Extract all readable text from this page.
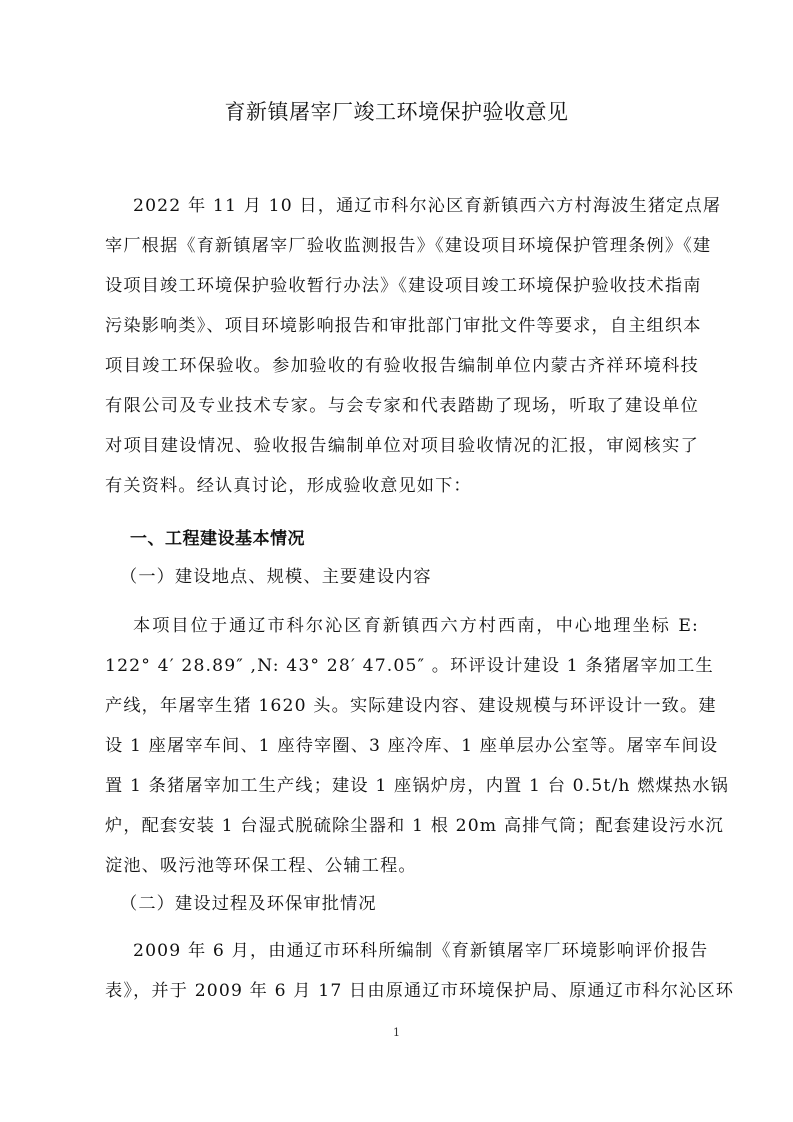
育新镇屠宰厂竣工环境保护验收意见
2022 年 11 月 10 日，通辽市科尔沁区育新镇西六方村海波生猪定点屠
宰厂根据《育新镇屠宰厂验收监测报告》《建设项目环境保护管理条例》《建
设项目竣工环境保护验收暂行办法》《建设项目竣工环境保护验收技术指南
污染影响类》、项目环境影响报告和审批部门审批文件等要求，自主组织本
项目竣工环保验收。参加验收的有验收报告编制单位内蒙古齐祥环境科技
有限公司及专业技术专家。与会专家和代表踏勘了现场，听取了建设单位
对项目建设情况、验收报告编制单位对项目验收情况的汇报，审阅核实了
有关资料。经认真讨论，形成验收意见如下：
一、工程建设基本情况
（一）建设地点、规模、主要建设内容
本项目位于通辽市科尔沁区育新镇西六方村西南，中心地理坐标 E:
122° 4′ 28.89″ ,N: 43° 28′ 47.05″ 。环评设计建设 1 条猪屠宰加工生
产线，年屠宰生猪 1620 头。实际建设内容、建设规模与环评设计一致。建
设 1 座屠宰车间、1 座待宰圈、3 座冷库、1 座单层办公室等。屠宰车间设
置 1 条猪屠宰加工生产线；建设 1 座锅炉房，内置 1 台 0.5t/h 燃煤热水锅
炉，配套安装 1 台湿式脱硫除尘器和 1 根 20m 高排气筒；配套建设污水沉
淀池、吸污池等环保工程、公辅工程。
（二）建设过程及环保审批情况
2009 年 6 月，由通辽市环科所编制《育新镇屠宰厂环境影响评价报告
表》，并于 2009 年 6 月 17 日由原通辽市环境保护局、原通辽市科尔沁区环
1
